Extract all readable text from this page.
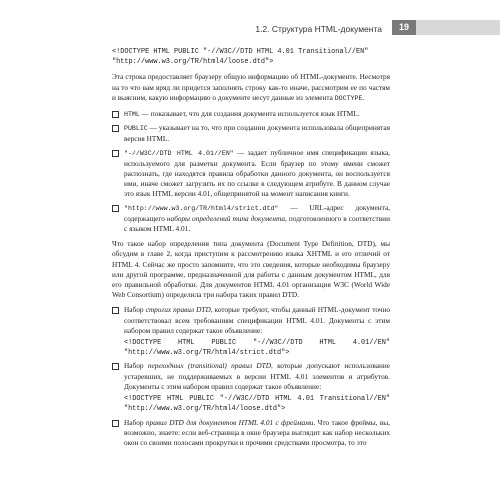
1.2. Структура HTML-документа	19
<!DOCTYPE HTML PUBLIC "-//W3C//DTD HTML 4.01 Transitional//EN" "http://www.w3.org/TR/html4/loose.dtd">

Эта строка предоставляет браузеру общую информацию об HTML-документе. Несмотря на то что вам вряд ли придется заполнять строку как-то иначе, рассмотрим ее по частям и выясним, какую информацию о документе несут данные из элемента DOCTYPE.

HTML — показывает, что для создания документа используется язык HTML.
PUBLIC — указывает на то, что при создании документа использовала общепринятая версия HTML.
"-//W3C//DTD HTML 4.01//EN" — задает публичное имя спецификации языка, используемого для разметки документа. Если браузер по этому имени сможет распознать, где находятся правила обработки данного документа, он воспользуется ими, иначе сможет загрузить их по ссылке в следующем атрибуте. В данном случае это язык HTML версии 4.01, общепринятой на момент написания книги.
"http://www.w3.org/TR/html4/strict.dtd" — URL-адрес документа, содержащего наборы определений типа документа, подготовленного в соответствии с языком HTML 4.01.

Что такое набор определения типа документа (Document Type Definition, DTD), мы обсудим в главе 2, когда приступим к рассмотрению языка XHTML и его отличий от HTML 4. Сейчас же просто запомните, что это сведения, которые необходимы браузеру или другой программе, предназначенной для работы с данным документом HTML, для его правильной обработки. Для документов HTML 4.01 организация W3C (World Wide Web Consortium) определила три набора таких правил DTD.

Набор строгих правил DTD, которые требуют, чтобы данный HTML-документ точно соответствовал всем требованиям спецификации HTML 4.01. Документы с этим набором правил содержат такое объявление:
<!DOCTYPE HTML PUBLIC "-//W3C//DTD HTML 4.01//EN" "http://www.w3.org/TR/html4/strict.dtd">
Набор переходных (transitional) правил DTD, которые допускают использование устаревших, не поддерживаемых в версии HTML 4.01 элементов и атрибутов. Документы с этим набором правил содержат такое объявление:
<!DOCTYPE HTML PUBLIC "-//W3C//DTD HTML 4.01 Transitional//EN" "http://www.w3.org/TR/html4/loose.dtd">
Набор правил DTD для документов HTML 4.01 с фреймами. Что такое фреймы, вы, возможно, знаете: если веб-страница в окне браузера выглядит как набор нескольких окон со своими полосами прокрутки и прочими средствами просмотра, то это
